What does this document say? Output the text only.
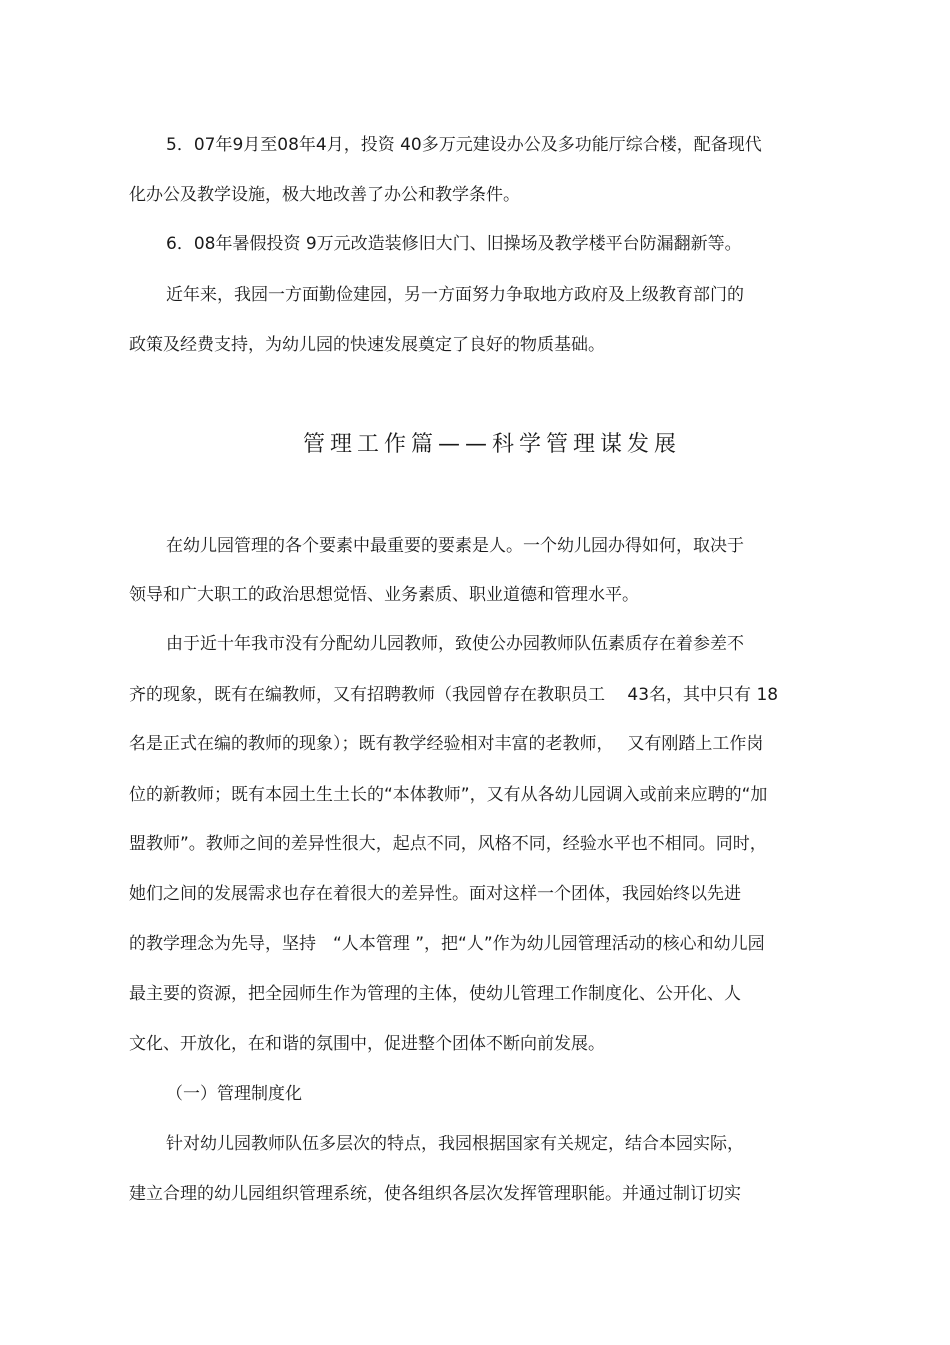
5．07年9月至08年4月，投资 40多万元建设办公及多功能厅综合楼，配备现代
化办公及教学设施，极大地改善了办公和教学条件。
6．08年暑假投资 9万元改造装修旧大门、旧操场及教学楼平台防漏翻新等。
近年来，我园一方面勤俭建园，另一方面努力争取地方政府及上级教育部门的
政策及经费支持，为幼儿园的快速发展奠定了良好的物质基础。
管理工作篇——科学管理谋发展
在幼儿园管理的各个要素中最重要的要素是人。一个幼儿园办得如何，取决于
领导和广大职工的政治思想觉悟、业务素质、职业道德和管理水平。
由于近十年我市没有分配幼儿园教师，致使公办园教师队伍素质存在着参差不
齐的现象，既有在编教师，又有招聘教师（我园曾存在教职员工　 43名，其中只有 18
名是正式在编的教师的现象）；既有教学经验相对丰富的老教师，　 又有刚踏上工作岗
位的新教师；既有本园土生土长的“本体教师”，又有从各幼儿园调入或前来应聘的“加
盟教师”。教师之间的差异性很大，起点不同，风格不同，经验水平也不相同。同时，
她们之间的发展需求也存在着很大的差异性。面对这样一个团体，我园始终以先进
的教学理念为先导，坚持　“人本管理 ”，把“人”作为幼儿园管理活动的核心和幼儿园
最主要的资源，把全园师生作为管理的主体，使幼儿管理工作制度化、公开化、人
文化、开放化，在和谐的氛围中，促进整个团体不断向前发展。
（一）管理制度化
针对幼儿园教师队伍多层次的特点，我园根据国家有关规定，结合本园实际，
建立合理的幼儿园组织管理系统，使各组织各层次发挥管理职能。并通过制订切实
